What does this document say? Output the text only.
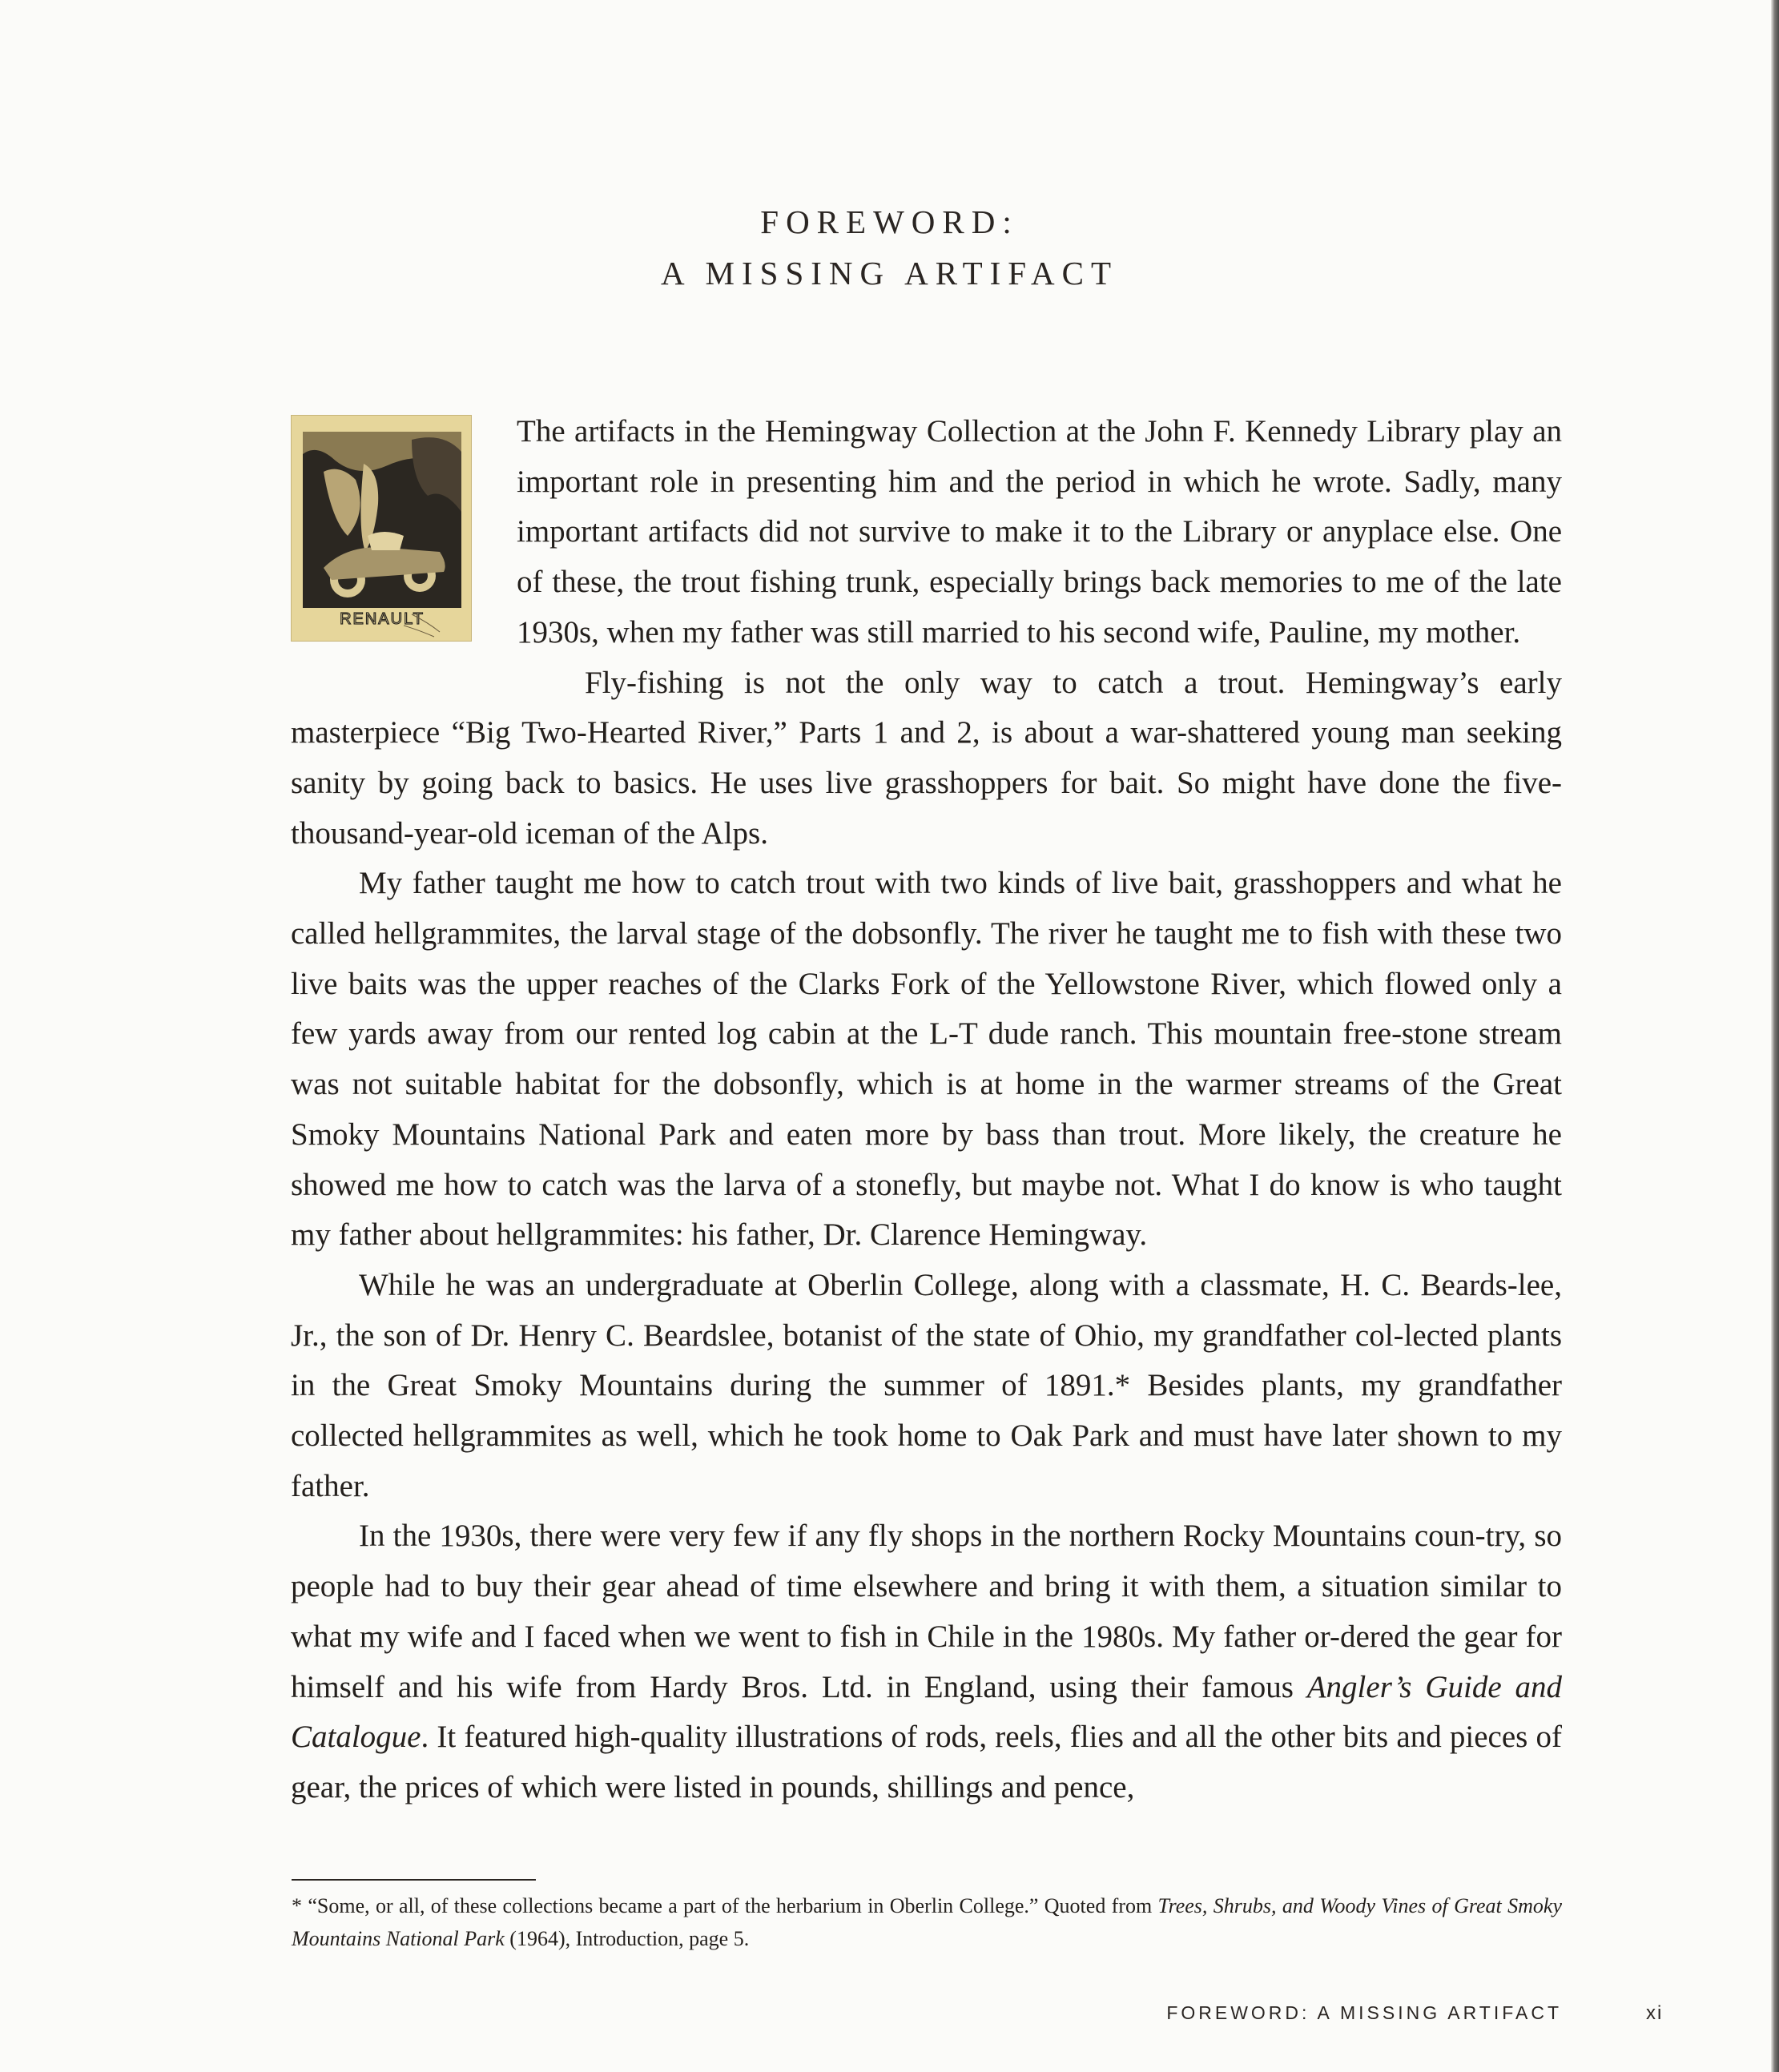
FOREWORD:
A MISSING ARTIFACT
RENAULT

The artifacts in the Hemingway Collection at the John F. Kennedy Library play an important role in presenting him and the period in which he wrote. Sadly, many important artifacts did not survive to make it to the Library or anyplace else. One of these, the trout fishing trunk, especially brings back memories to me of the late 1930s, when my father was still married to his second wife, Pauline, my mother.

Fly-fishing is not the only way to catch a trout. Hemingway’s early masterpiece “Big Two-Hearted River,” Parts 1 and 2, is about a war-shattered young man seeking sanity by going back to basics. He uses live grasshoppers for bait. So might have done the five-thousand-year-old iceman of the Alps.

My father taught me how to catch trout with two kinds of live bait, grasshoppers and what he called hellgrammites, the larval stage of the dobsonfly. The river he taught me to fish with these two live baits was the upper reaches of the Clarks Fork of the Yellowstone River, which flowed only a few yards away from our rented log cabin at the L-T dude ranch. This mountain free-stone stream was not suitable habitat for the dobsonfly, which is at home in the warmer streams of the Great Smoky Mountains National Park and eaten more by bass than trout. More likely, the creature he showed me how to catch was the larva of a stonefly, but maybe not. What I do know is who taught my father about hellgrammites: his father, Dr. Clarence Hemingway.

While he was an undergraduate at Oberlin College, along with a classmate, H. C. Beards-lee, Jr., the son of Dr. Henry C. Beardslee, botanist of the state of Ohio, my grandfather col-lected plants in the Great Smoky Mountains during the summer of 1891.* Besides plants, my grandfather collected hellgrammites as well, which he took home to Oak Park and must have later shown to my father.

In the 1930s, there were very few if any fly shops in the northern Rocky Mountains coun-try, so people had to buy their gear ahead of time elsewhere and bring it with them, a situation similar to what my wife and I faced when we went to fish in Chile in the 1980s. My father or-dered the gear for himself and his wife from Hardy Bros. Ltd. in England, using their famous Angler’s Guide and Catalogue. It featured high-quality illustrations of rods, reels, flies and all the other bits and pieces of gear, the prices of which were listed in pounds, shillings and pence,

* “Some, or all, of these collections became a part of the herbarium in Oberlin College.” Quoted from Trees, Shrubs, and Woody Vines of Great Smoky Mountains National Park (1964), Introduction, page 5.
FOREWORD: A MISSING ARTIFACT	xi
